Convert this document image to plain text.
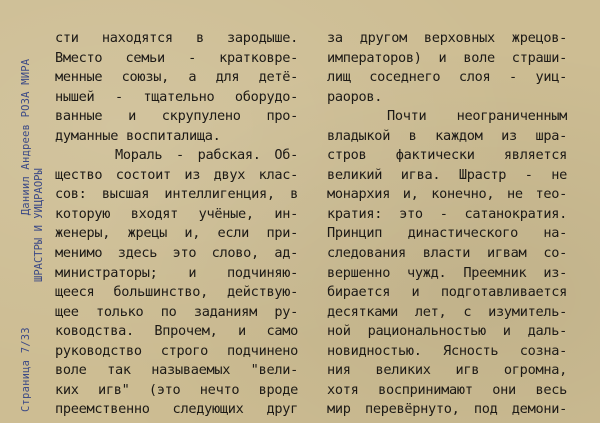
Страница 7/33Даниил Андреев РОЗА МИРА
ШРАСТРЫ И УИЦРАОРЫ
сти находятся в зародыше.
Вместо семьи - кратковре-
менные союзы, а для детё-
нышей - тщательно оборудо-
ванные и скрупулено про-
думанные воспиталища.
Мораль - рабская. Об-
щество состоит из двух клас-
сов: высшая интеллигенция, в
которую входят учёные, ин-
женеры, жрецы и, если при-
менимо здесь это слово, ад-
министраторы; и подчиняю-
щееся большинство, действую-
щее только по заданиям ру-
ководства. Впрочем, и само
руководство строго подчинено
воле так называемых "вели-
ких игв" (это нечто вроде
преемственно следующих друг
за другом верховных жрецов-
императоров) и воле страши-
лищ соседнего слоя - уиц-
раоров.
Почти неограниченным
владыкой в каждом из шра-
стров фактически является
великий игва. Шрастр - не
монархия и, конечно, не тео-
кратия: это - сатанократия.
Принцип династического на-
следования власти игвам со-
вершенно чужд. Преемник из-
бирается и подготавливается
десятками лет, с изумитель-
ной рациональностью и даль-
новидностью. Ясность созна-
ния великих игв огромна,
хотя воспринимают они весь
мир перевёрнуто, под демони-
